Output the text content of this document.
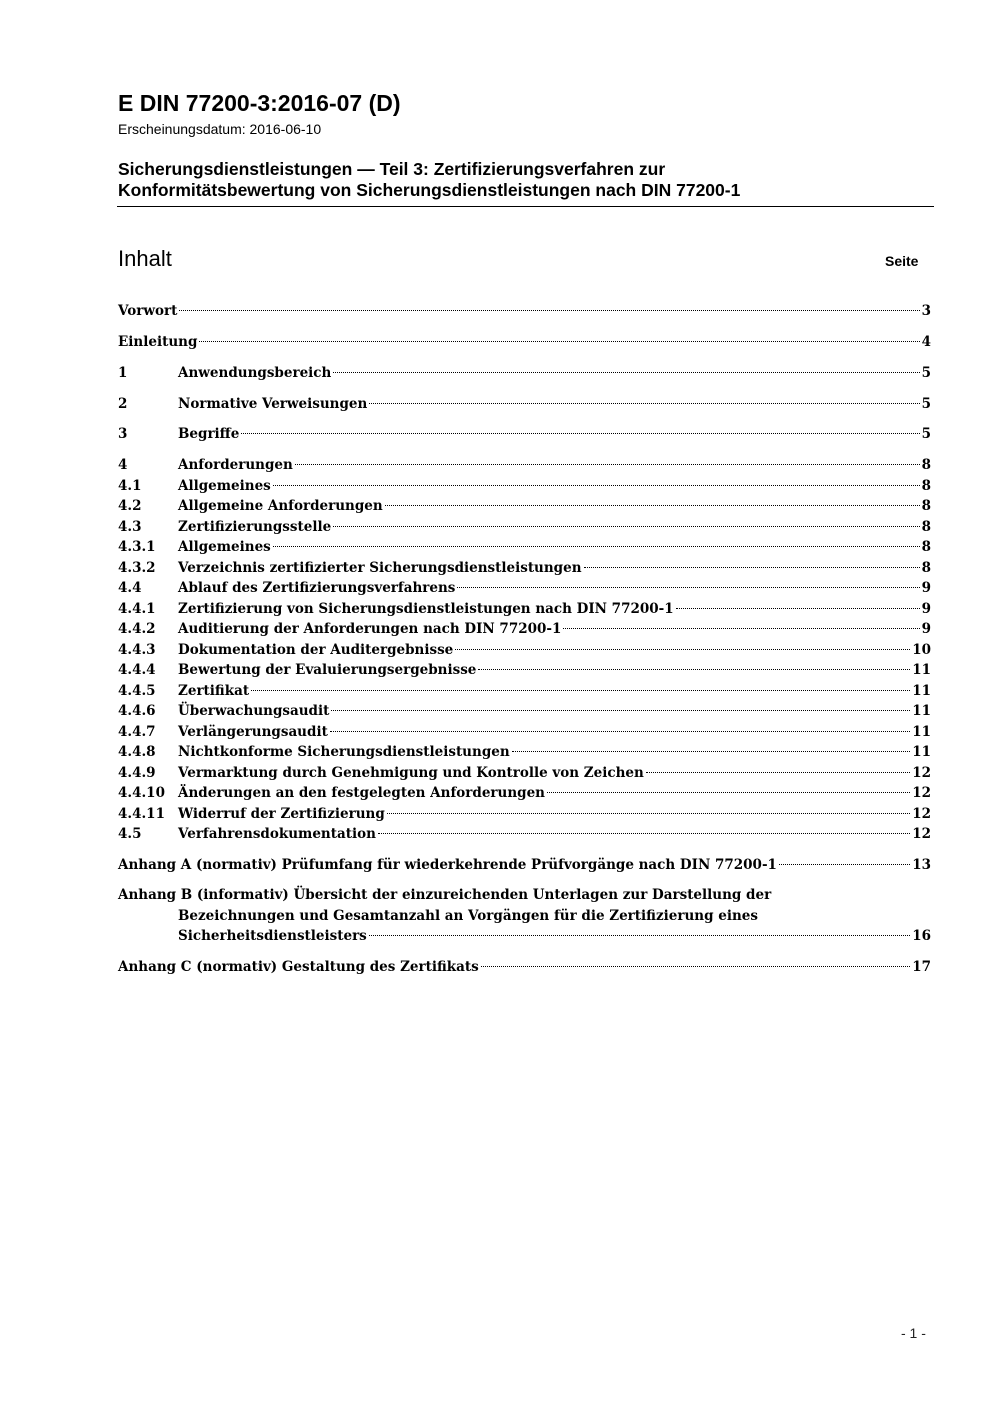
E DIN 77200-3:2016-07 (D)
Erscheinungsdatum: 2016-06-10
Sicherungsdienstleistungen — Teil 3: Zertifizierungsverfahren zur
Konformitätsbewertung von Sicherungsdienstleistungen nach DIN 77200-1
Inhalt	Seite
Vorwort	3
Einleitung	4
1	Anwendungsbereich	5
2	Normative Verweisungen	5
3	Begriffe	5
4	Anforderungen	8
4.1	Allgemeines	8
4.2	Allgemeine Anforderungen	8
4.3	Zertifizierungsstelle	8
4.3.1 Allgemeines	8
4.3.2 Verzeichnis zertifizierter Sicherungsdienstleistungen	8
4.4	Ablauf des Zertifizierungsverfahrens	9
4.4.1 Zertifizierung von Sicherungsdienstleistungen nach DIN 77200-1	9
4.4.2 Auditierung der Anforderungen nach DIN 77200-1	9
4.4.3 Dokumentation der Auditergebnisse	10
4.4.4 Bewertung der Evaluierungsergebnisse	11
4.4.5 Zertifikat	11
4.4.6 Überwachungsaudit	11
4.4.7 Verlängerungsaudit	11
4.4.8 Nichtkonforme Sicherungsdienstleistungen	11
4.4.9 Vermarktung durch Genehmigung und Kontrolle von Zeichen	12
4.4.10 Änderungen an den festgelegten Anforderungen	12
4.4.11 Widerruf der Zertifizierung	12
4.5	Verfahrensdokumentation	12
Anhang A (normativ) Prüfumfang für wiederkehrende Prüfvorgänge nach DIN 77200-1	13
Anhang B (informativ) Übersicht der einzureichenden Unterlagen zur Darstellung der
Bezeichnungen und Gesamtanzahl an Vorgängen für die Zertifizierung eines
Sicherheitsdienstleisters	16
Anhang C (normativ) Gestaltung des Zertifikats	17
- 1 -
